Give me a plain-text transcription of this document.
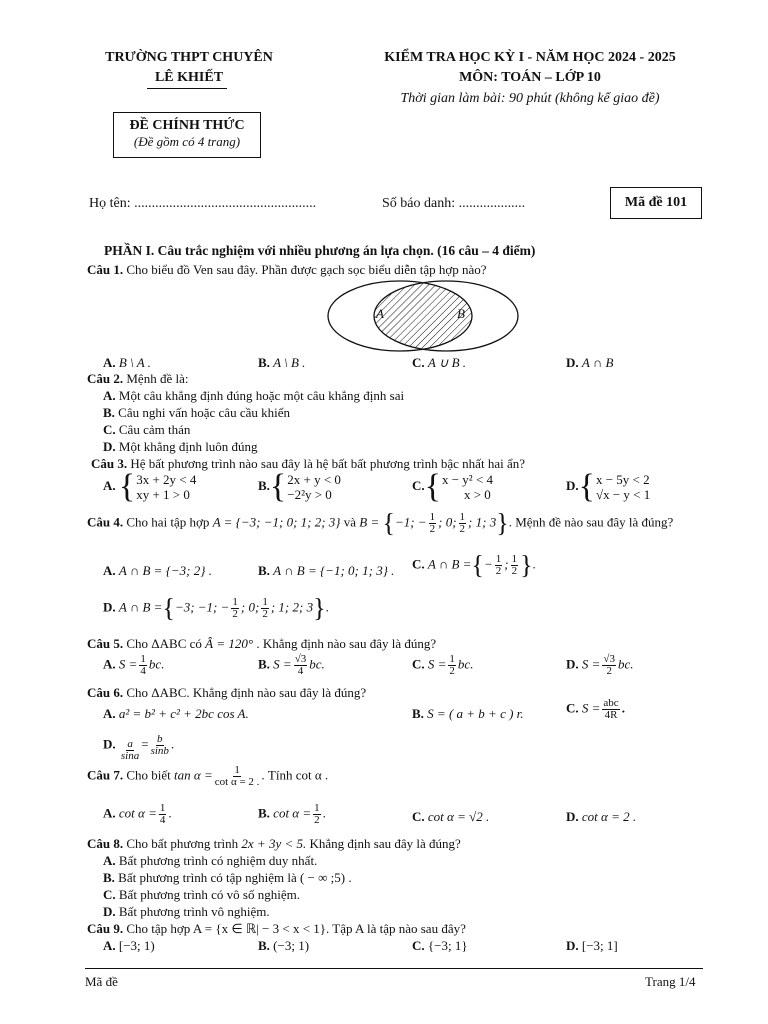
TRƯỜNG THPT CHUYÊN
LÊ KHIẾT
KIỂM TRA HỌC KỲ I - NĂM HỌC 2024 - 2025
MÔN: TOÁN – LỚP 10
Thời gian làm bài: 90 phút (không kể giao đề)
ĐỀ CHÍNH THỨC
(Đề gồm có 4 trang)
Họ tên: ....................................................	Số báo danh: ...................	Mã đề 101
PHẦN I. Câu trắc nghiệm với nhiều phương án lựa chọn. (16 câu – 4 điểm)
Câu 1. Cho biểu đồ Ven sau đây. Phần được gạch sọc biểu diễn tập hợp nào?
A	B
A. B \ A .	B. A \ B .	C. A ∪ B .	D. A ∩ B
Câu 2. Mệnh đề là:
A. Một câu khẳng định đúng hoặc một câu khẳng định sai
B. Câu nghi vấn hoặc câu cầu khiến
C. Câu cảm thán
D. Một khẳng định luôn đúng
Câu 3. Hệ bất phương trình nào sau đây là hệ bất bất phương trình bậc nhất hai ẩn?
A. { 3x + 2y < 4
xy + 1 > 0
B. { 2x + y < 0
−2²y > 0
C. { x − y² < 4
x > 0
D. { x − 5y < 2
√x − y < 1
Câu 4. Cho hai tập hợp A = {−3; −1; 0; 1; 2; 3} và B = {−1; − $\frac{1}{2}$ ; 0; $\frac{1}{2}$ ; 1; 3}. Mệnh đề nào sau đây là đúng?
A. A ∩ B = {−3; 2} .	B. A ∩ B = {−1; 0; 1; 3} . C. A ∩ B ={− $\frac{1}{2}$ ; $\frac{1}{2}$ }.
D. A ∩ B ={−3; −1; − $\frac{1}{2}$ ; 0; $\frac{1}{2}$ ; 1; 2; 3}.
Câu 5. Cho ΔABC có Â = 120° . Khẳng định nào sau đây là đúng?
A. $S = \frac{1}{4}$ bc.	B. $S = \frac{√3}{4}$ bc.	C. $S = \frac{1}{2}$ bc.	D. $S = \frac{√3}{2}$ bc.
Câu 6. Cho ΔABC. Khẳng định nào sau đây là đúng?
A. a² = b² + c² + 2bc cos A.	B. S = ( a + b + c ) r.	C. $S = \frac{\text{abc}}{4R}$ .
D. $\frac{a}{\sin a} = \frac{b}{\sin b}$ .
Câu 7. Cho biết $\tan \alpha = \frac{1}{\text{cot α = 2 .}}$ . Tính cot α .
A. $\cot \alpha = \frac{1}{4}$ .	B. $\cot \alpha = \frac{1}{2}$ .	C. cot α = √2 .	D. cot α = 2 .
Câu 8. Cho bất phương trình 2x + 3y < 5. Khẳng định sau đây là đúng?
A. Bất phương trình có nghiệm duy nhất.
B. Bất phương trình có tập nghiệm là ( − ∞ ;5) .
C. Bất phương trình có vô số nghiệm.
D. Bất phương trình vô nghiệm.
Câu 9. Cho tập hợp A = {x ∈ ℝ| − 3 < x < 1}. Tập A là tập nào sau đây?
A. [−3; 1)	B. (−3; 1)	C. {−3; 1}	D. [−3; 1]
Mã đề	Trang 1/4
